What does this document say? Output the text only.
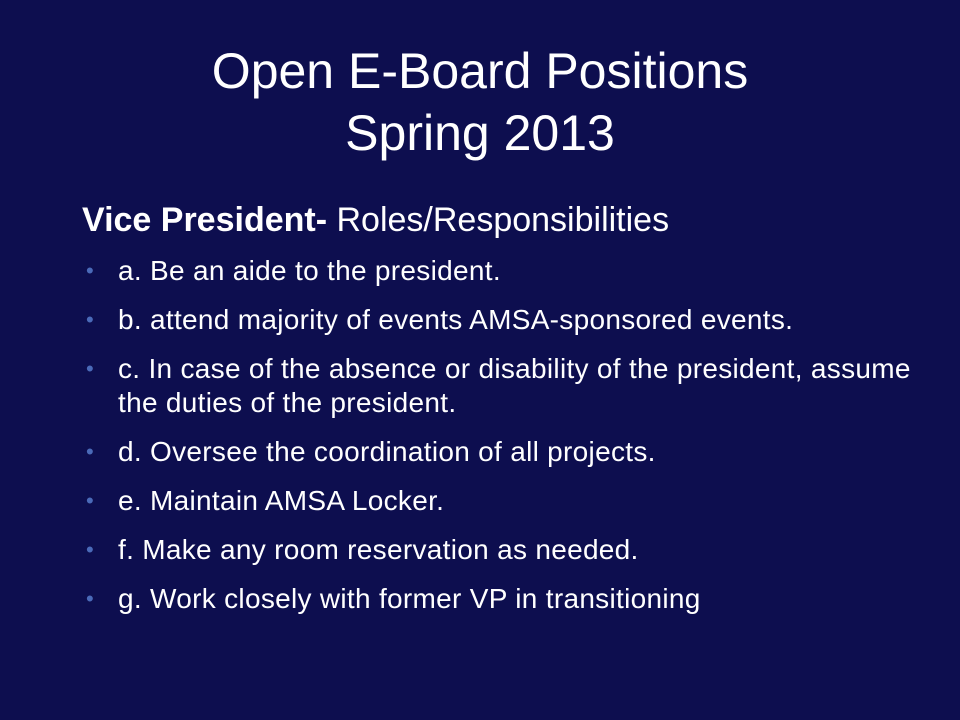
Open E-Board Positions
Spring 2013
Vice President- Roles/Responsibilities
• a. Be an aide to the president.
• b. attend majority of events AMSA-sponsored events.
• c. In case of the absence or disability of the president, assume the duties of the president.
• d. Oversee the coordination of all projects.
• e. Maintain AMSA Locker.
• f. Make any room reservation as needed.
• g. Work closely with former VP in transitioning
